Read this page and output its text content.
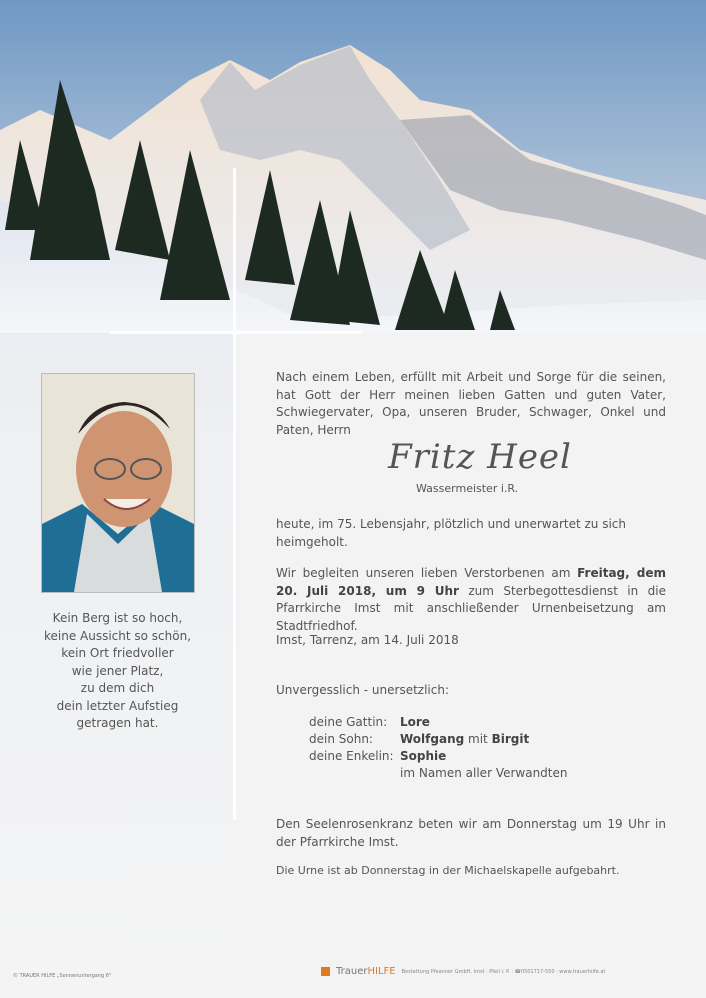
Kein Berg ist so hoch,
keine Aussicht so schön,
kein Ort friedvoller
wie jener Platz,
zu dem dich
dein letzter Aufstieg
getragen hat.
Nach einem Leben, erfüllt mit Arbeit und Sorge für die seinen, hat Gott der Herr meinen lieben Gatten und guten Vater, Schwiegervater, Opa, unseren Bruder, Schwager, Onkel und Paten, Herrn
Fritz Heel
Wassermeister i.R.
heute, im 75. Lebensjahr, plötzlich und unerwartet zu sich heimgeholt.
Wir begleiten unseren lieben Verstorbenen am Freitag, dem 20. Juli 2018, um 9 Uhr zum Sterbegottesdienst in die Pfarrkirche Imst mit anschließender Urnenbeisetzung am Stadtfriedhof.
Imst, Tarrenz, am 14. Juli 2018
Unvergesslich - unersetzlich:
deine Gattin:	Lore
dein Sohn:	Wolfgang mit Birgit
deine Enkelin: Sophie
im Namen aller Verwandten
Den Seelenrosenkranz beten wir am Donnerstag um 19 Uhr in der Pfarrkirche Imst.
Die Urne ist ab Donnerstag in der Michaelskapelle aufgebahrt.
© TRAUER HILFE „Sonnenuntergang 6"	TrauerHILFE Bestattung Pfeanner GmbH, Imst · Pfeil i. P. · ☎0501717-550 · www.trauerhilfe.at
